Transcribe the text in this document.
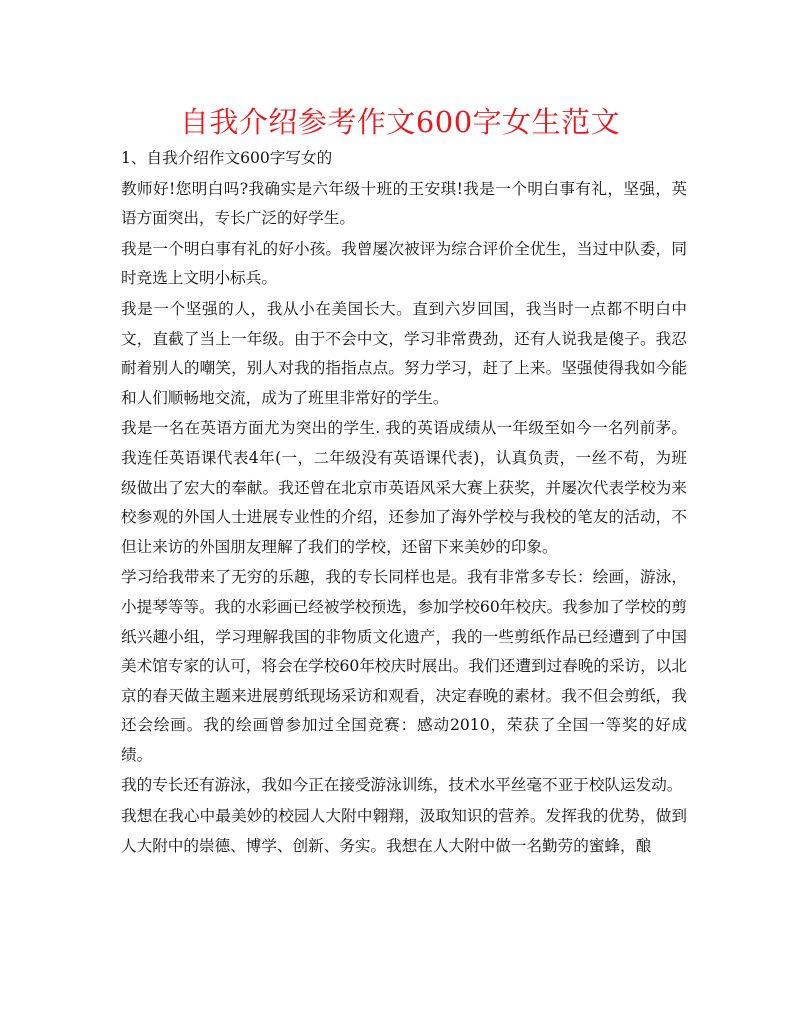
自我介绍参考作文600字女生范文
1、自我介绍作文600字写女的
教师好!您明白吗?我确实是六年级十班的王安琪!我是一个明白事有礼，坚强，英语方面突出，专长广泛的好学生。
我是一个明白事有礼的好小孩。我曾屡次被评为综合评价全优生，当过中队委，同时竞选上文明小标兵。
我是一个坚强的人，我从小在美国长大。直到六岁回国，我当时一点都不明白中文，直截了当上一年级。由于不会中文，学习非常费劲，还有人说我是傻子。我忍耐着别人的嘲笑，别人对我的指指点点。努力学习，赶了上来。坚强使得我如今能和人们顺畅地交流，成为了班里非常好的学生。
我是一名在英语方面尤为突出的学生. 我的英语成绩从一年级至如今一名列前茅。我连任英语课代表4年(一，二年级没有英语课代表)，认真负责，一丝不苟，为班级做出了宏大的奉献。我还曾在北京市英语风采大赛上获奖，并屡次代表学校为来校参观的外国人士进展专业性的介绍，还参加了海外学校与我校的笔友的活动，不但让来访的外国朋友理解了我们的学校，还留下来美妙的印象。
学习给我带来了无穷的乐趣，我的专长同样也是。我有非常多专长：绘画，游泳，小提琴等等。我的水彩画已经被学校预选，参加学校60年校庆。我参加了学校的剪纸兴趣小组，学习理解我国的非物质文化遗产，我的一些剪纸作品已经遭到了中国美术馆专家的认可，将会在学校60年校庆时展出。我们还遭到过春晚的采访，以北京的春天做主题来进展剪纸现场采访和观看，决定春晚的素材。我不但会剪纸，我还会绘画。我的绘画曾参加过全国竞赛：感动2010，荣获了全国一等奖的好成绩。
我的专长还有游泳，我如今正在接受游泳训练，技术水平丝毫不亚于校队运发动。
我想在我心中最美妙的校园人大附中翱翔，汲取知识的营养。发挥我的优势，做到人大附中的崇德、博学、创新、务实。我想在人大附中做一名勤劳的蜜蜂，酿
